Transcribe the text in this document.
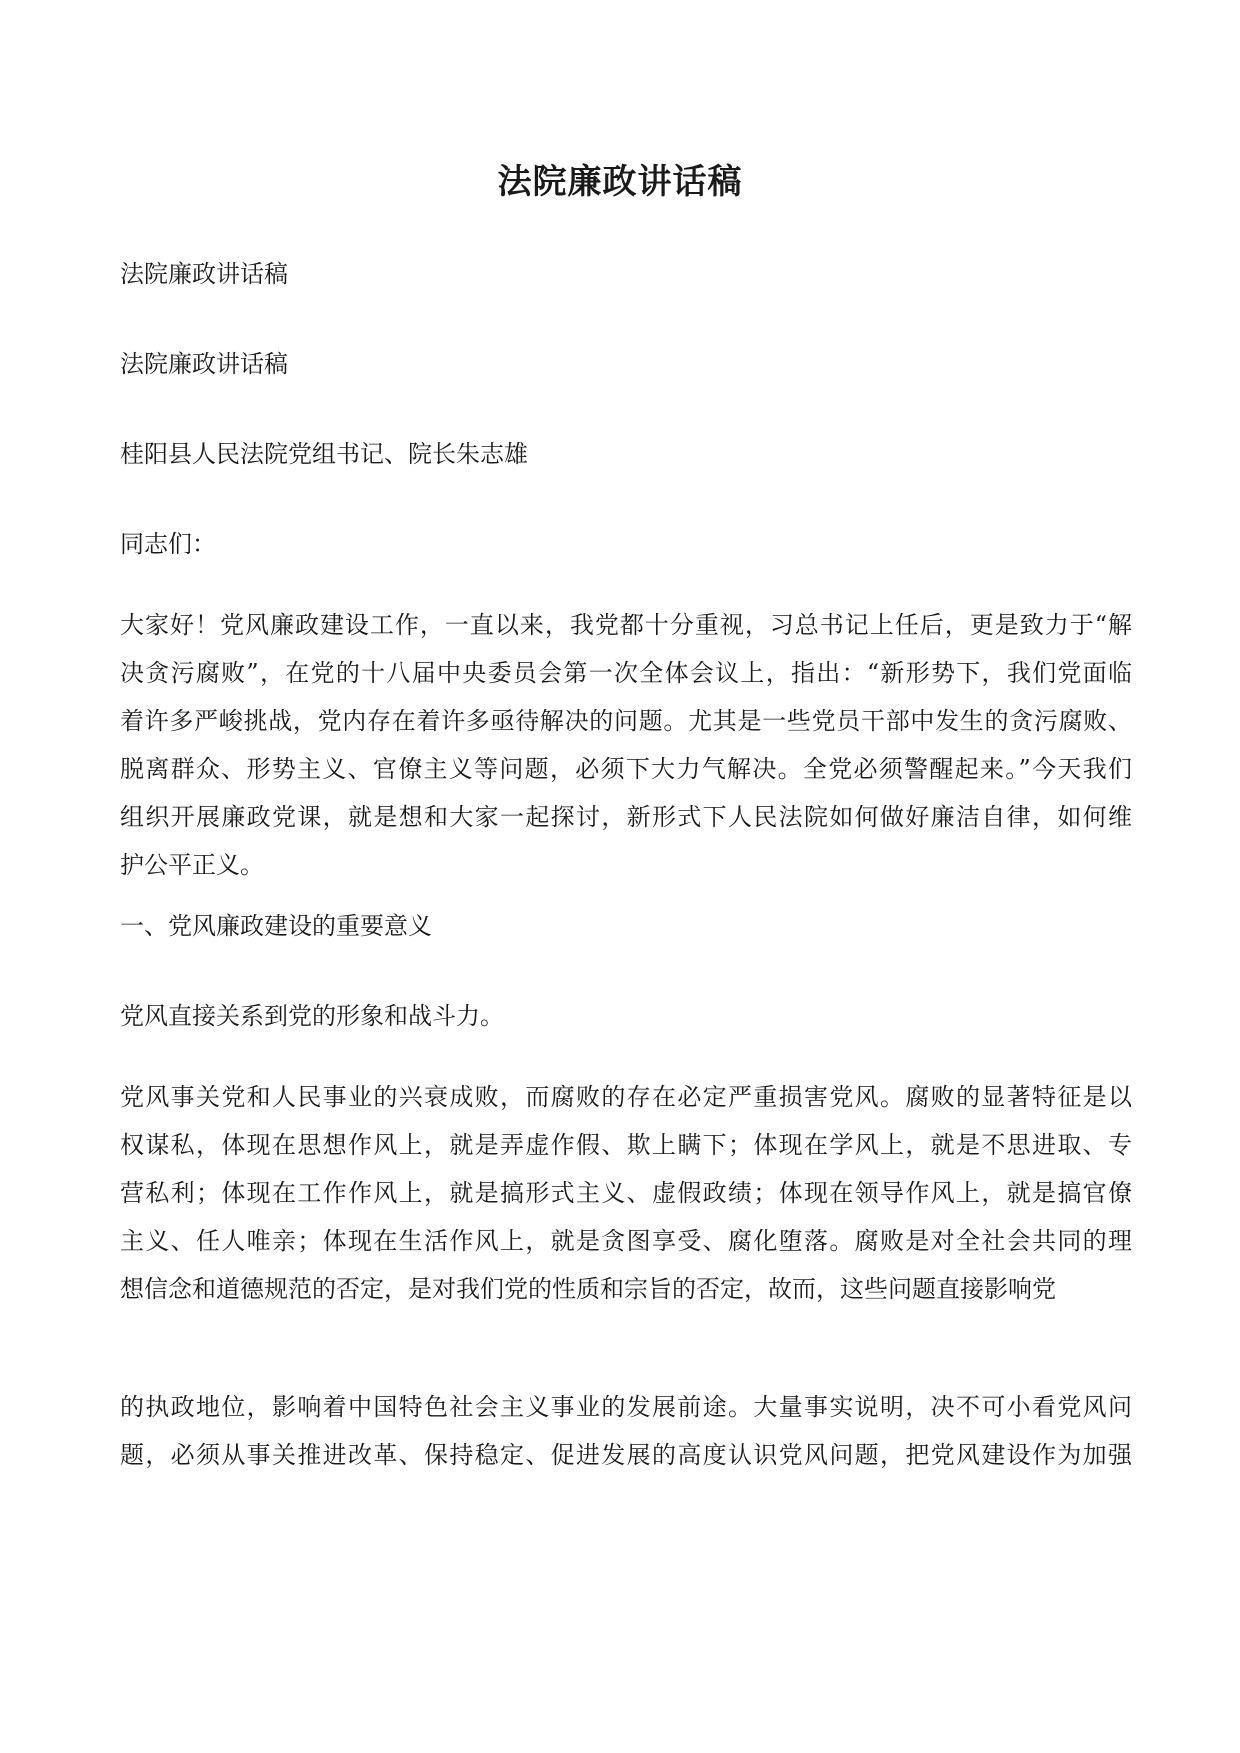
法院廉政讲话稿

法院廉政讲话稿

法院廉政讲话稿

桂阳县人民法院党组书记、院长朱志雄

同志们：

大家好！党风廉政建设工作，一直以来，我党都十分重视，习总书记上任后，更是致力于“解
决贪污腐败”，在党的十八届中央委员会第一次全体会议上，指出：“新形势下，我们党面临
着许多严峻挑战，党内存在着许多亟待解决的问题。尤其是一些党员干部中发生的贪污腐败、
脱离群众、形势主义、官僚主义等问题，必须下大力气解决。全党必须警醒起来。”今天我们
组织开展廉政党课，就是想和大家一起探讨，新形式下人民法院如何做好廉洁自律，如何维
护公平正义。

一、党风廉政建设的重要意义

党风直接关系到党的形象和战斗力。

党风事关党和人民事业的兴衰成败，而腐败的存在必定严重损害党风。腐败的显著特征是以
权谋私，体现在思想作风上，就是弄虚作假、欺上瞒下；体现在学风上，就是不思进取、专
营私利；体现在工作作风上，就是搞形式主义、虚假政绩；体现在领导作风上，就是搞官僚
主义、任人唯亲；体现在生活作风上，就是贪图享受、腐化堕落。腐败是对全社会共同的理
想信念和道德规范的否定，是对我们党的性质和宗旨的否定，故而，这些问题直接影响党
的执政地位，影响着中国特色社会主义事业的发展前途。大量事实说明，决不可小看党风问
题，必须从事关推进改革、保持稳定、促进发展的高度认识党风问题，把党风建设作为加强
